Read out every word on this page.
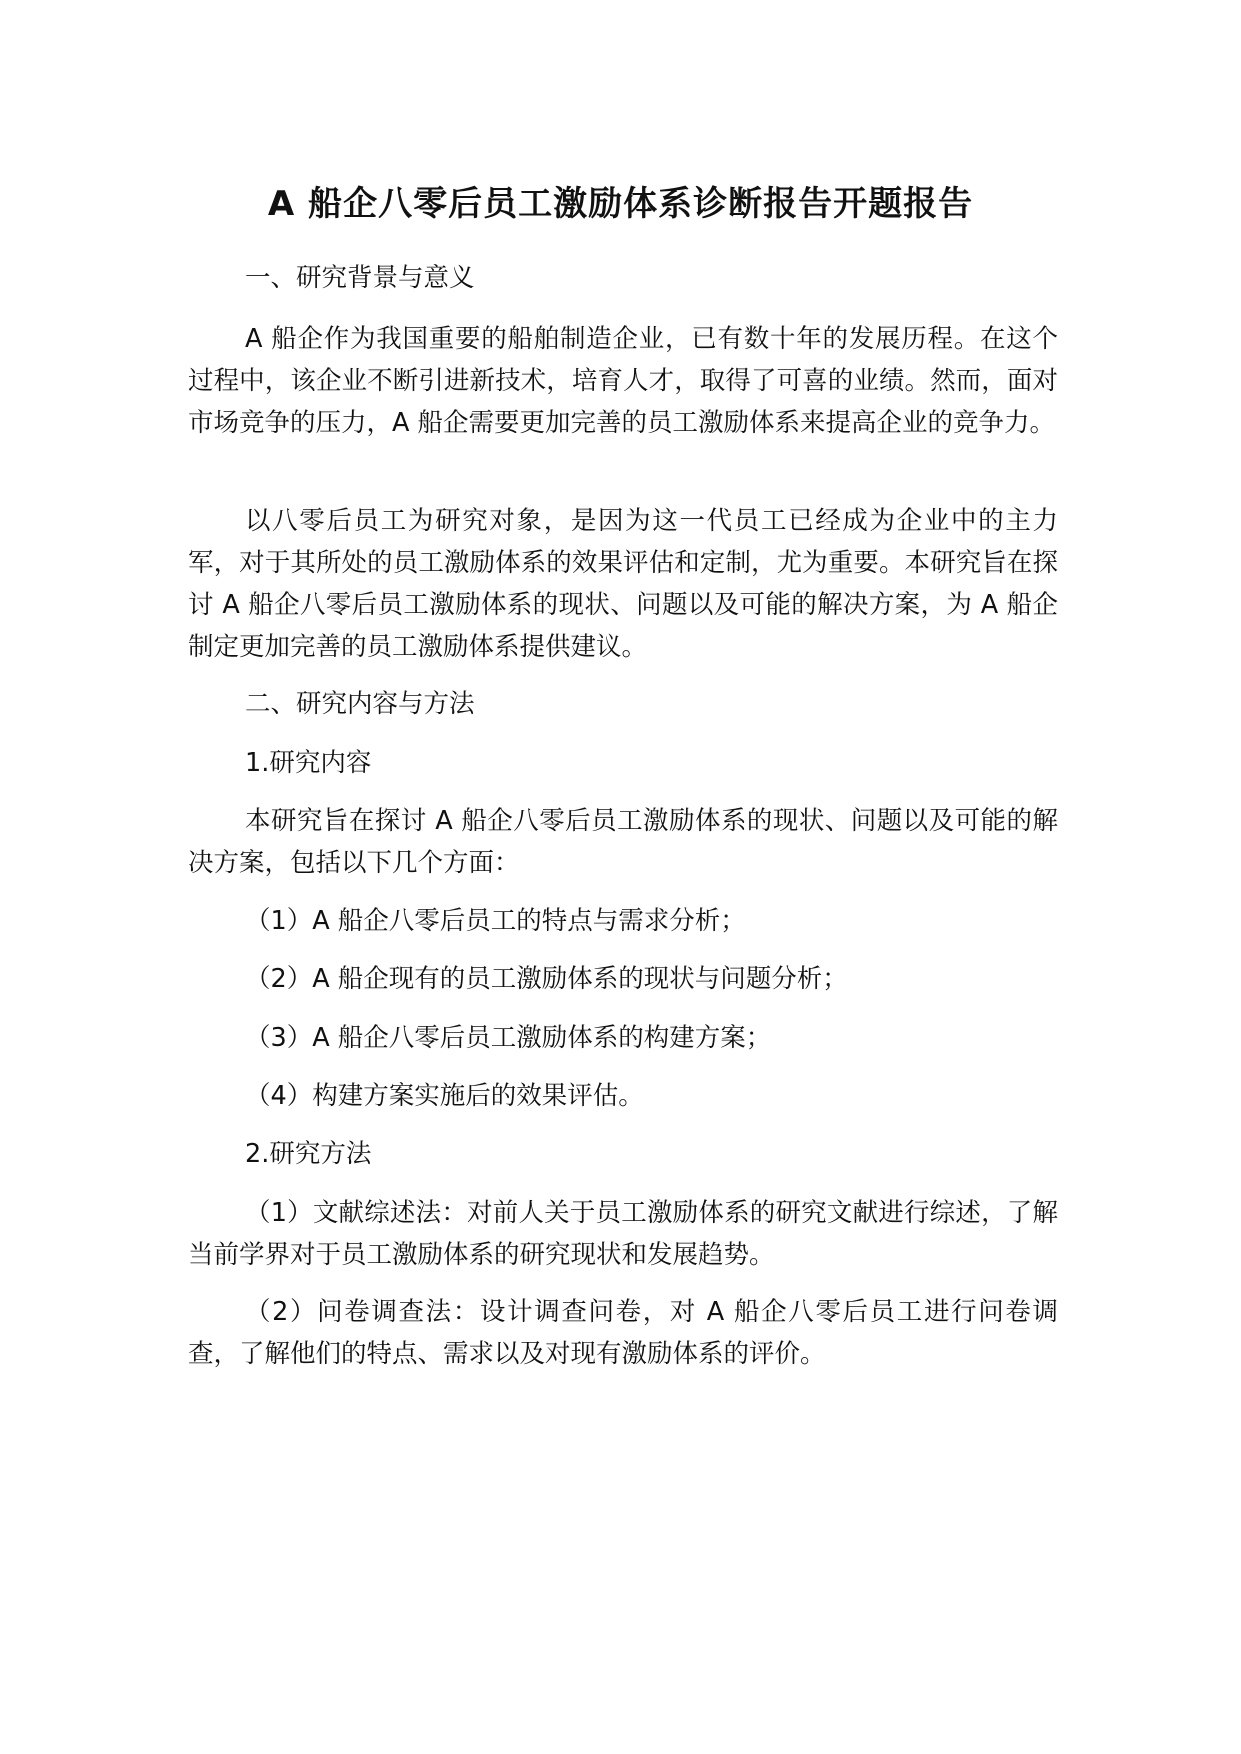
A 船企八零后员工激励体系诊断报告开题报告

一、研究背景与意义

A 船企作为我国重要的船舶制造企业，已有数十年的发展历程。在这个过程中，该企业不断引进新技术，培育人才，取得了可喜的业绩。然而，面对市场竞争的压力，A 船企需要更加完善的员工激励体系来提高企业的竞争力。

以八零后员工为研究对象，是因为这一代员工已经成为企业中的主力军，对于其所处的员工激励体系的效果评估和定制，尤为重要。本研究旨在探讨 A 船企八零后员工激励体系的现状、问题以及可能的解决方案，为 A 船企制定更加完善的员工激励体系提供建议。

二、研究内容与方法

1.研究内容

本研究旨在探讨 A 船企八零后员工激励体系的现状、问题以及可能的解决方案，包括以下几个方面：

（1）A 船企八零后员工的特点与需求分析；

（2）A 船企现有的员工激励体系的现状与问题分析；

（3）A 船企八零后员工激励体系的构建方案；

（4）构建方案实施后的效果评估。

2.研究方法

（1）文献综述法：对前人关于员工激励体系的研究文献进行综述，了解当前学界对于员工激励体系的研究现状和发展趋势。

（2）问卷调查法：设计调查问卷，对 A 船企八零后员工进行问卷调查，了解他们的特点、需求以及对现有激励体系的评价。
